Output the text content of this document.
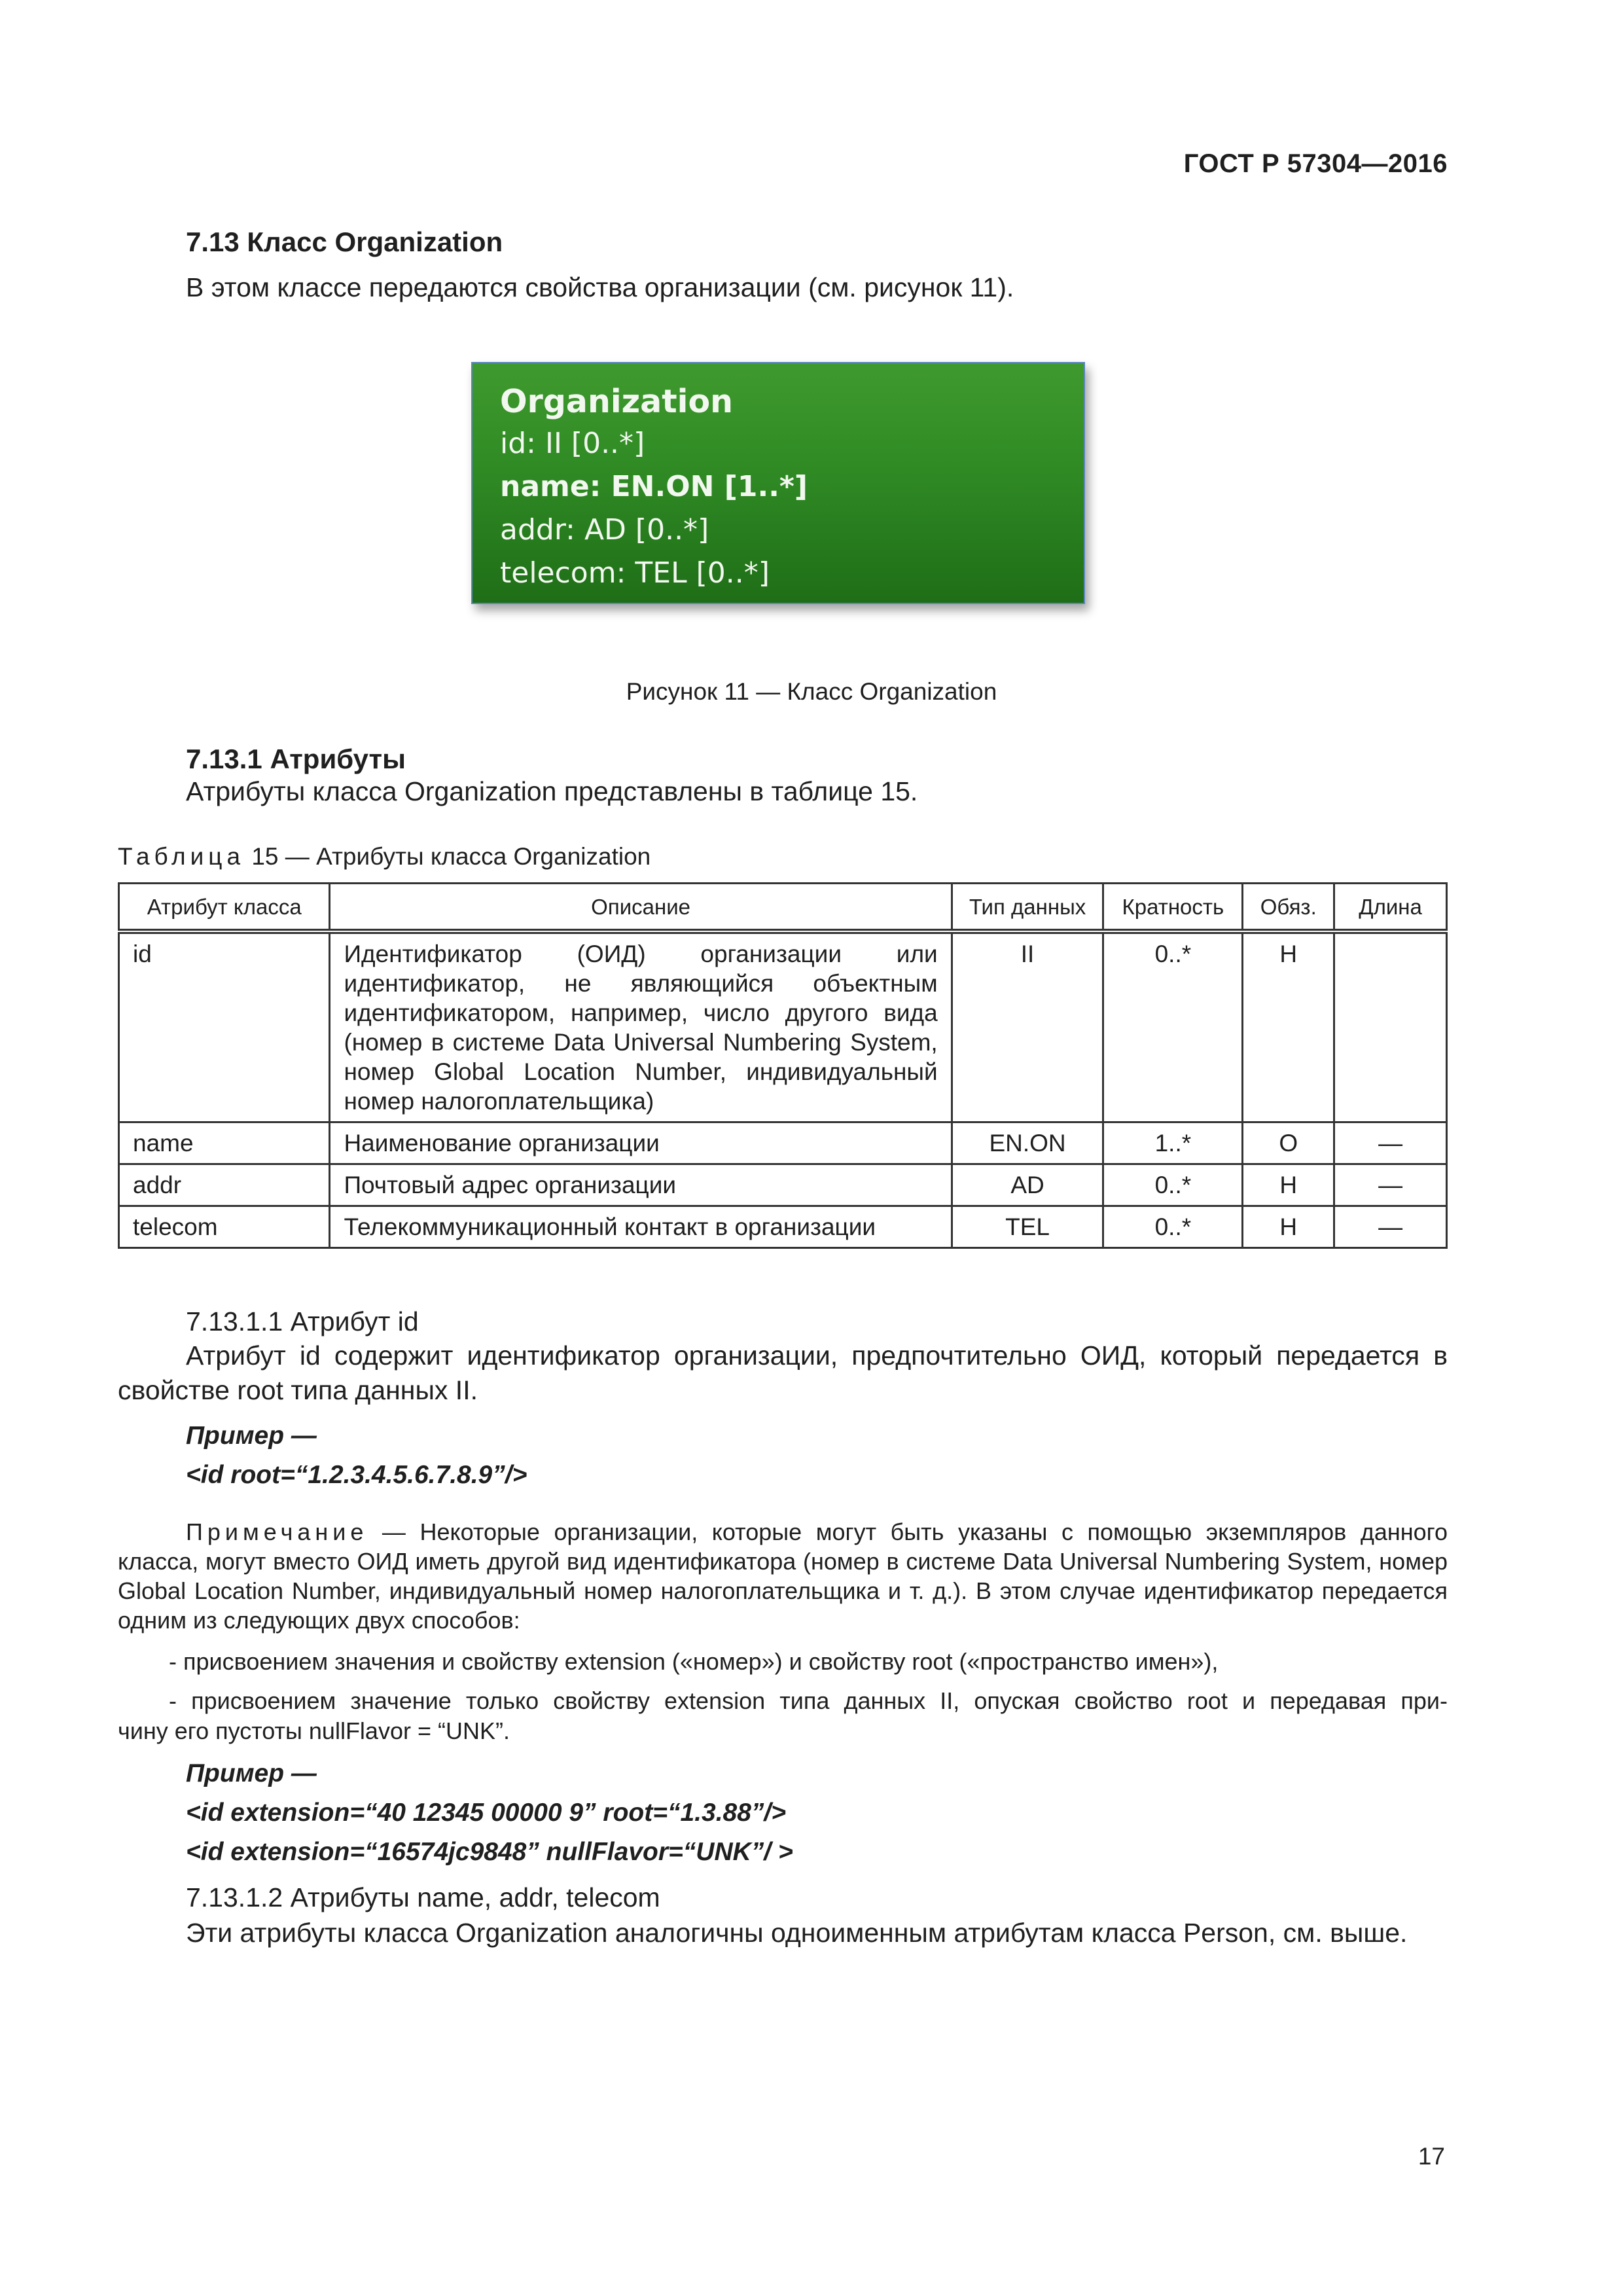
ГОСТ Р 57304—2016
7.13 Класс Organization
В этом классе передаются свойства организации (см. рисунок 11).
Organization
id: II [0..*]
name: EN.ON [1..*]
addr: AD [0..*]
telecom: TEL [0..*]
Рисунок 11 — Класс Organization
7.13.1 Атрибуты
Атрибуты класса Organization представлены в таблице 15.
Таблица 15 — Атрибуты класса Organization
Атрибут класса	Описание	Тип данных	Кратность	Обяз.	Длина
id	Идентификатор (ОИД) организации или идентификатор, не являющийся объектным идентификатором, например, число другого вида (номер в системе Data Universal Numbering System, номер Global Location Number, индивидуальный номер налогоплательщика)	II	0..*	Н	
name	Наименование организации	EN.ON	1..*	О	—
addr	Почтовый адрес организации	AD	0..*	Н	—
telecom	Телекоммуникационный контакт в организации	TEL	0..*	Н	—
7.13.1.1 Атрибут id
Атрибут id содержит идентификатор организации, предпочтительно ОИД, который передается в
свойстве root типа данных II.
Пример —
<id root=“1.2.3.4.5.6.7.8.9”/>
Примечание — Некоторые организации, которые могут быть указаны с помощью экземпляров данного класса, могут вместо ОИД иметь другой вид идентификатора (номер в системе Data Universal Numbering System, номер Global Location Number, индивидуальный номер налогоплательщика и т. д.). В этом случае идентификатор передается одним из следующих двух способов:
- присвоением значения и свойству extension («номер») и свойству root («пространство имен»),
- присвоением значение только свойству extension типа данных II, опуская свойство root и передавая при-
чину его пустоты nullFlavor = “UNK”.
Пример —
<id extension=“40 12345 00000 9” root=“1.3.88”/>
<id extension=“16574jc9848” nullFlavor=“UNK”/ >
7.13.1.2 Атрибуты name, addr, telecom
Эти атрибуты класса Organization аналогичны одноименным атрибутам класса Person, см. выше.
17
